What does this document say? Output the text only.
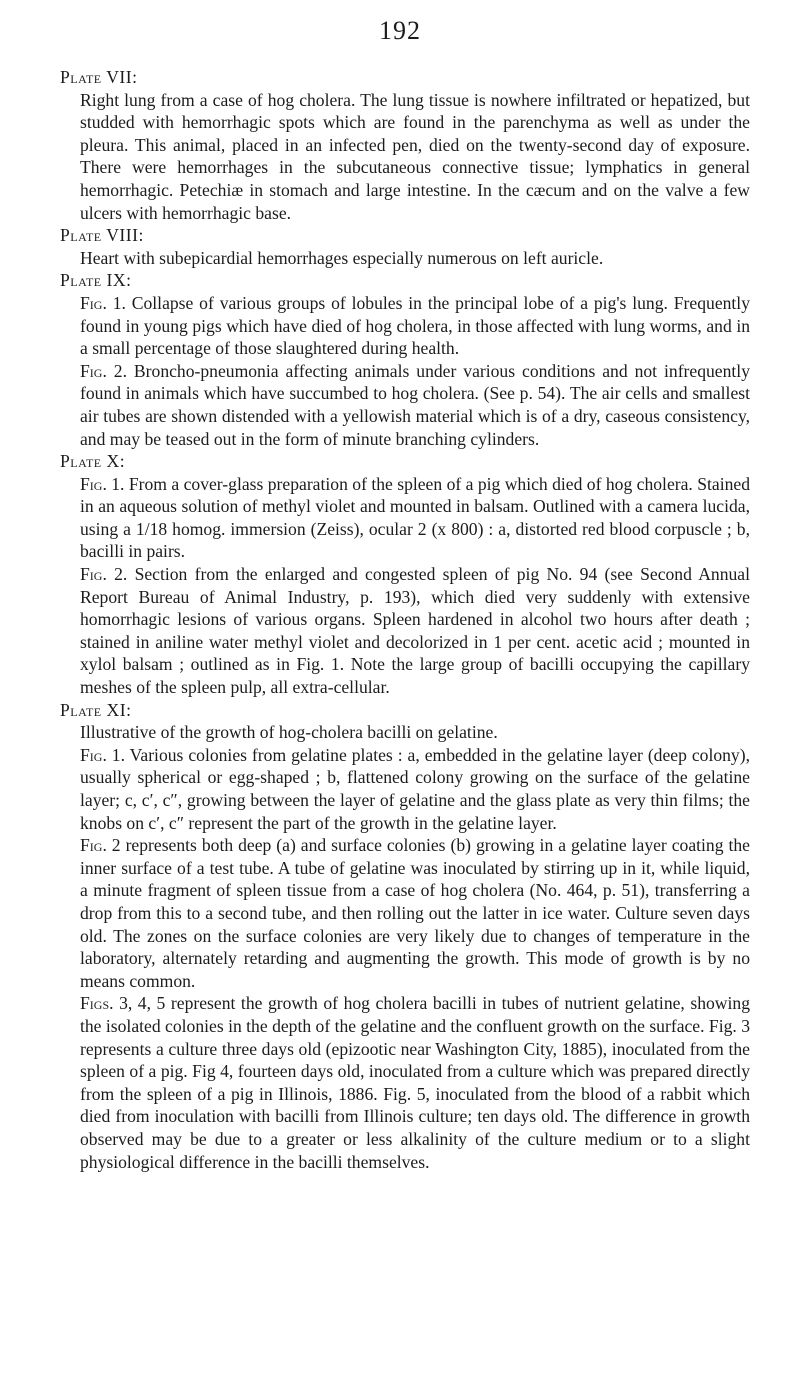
192

Plate VII:

Right lung from a case of hog cholera. The lung tissue is nowhere infiltrated or hepatized, but studded with hemorrhagic spots which are found in the parenchyma as well as under the pleura. This animal, placed in an infected pen, died on the twenty-second day of exposure. There were hemorrhages in the subcutaneous connective tissue; lymphatics in general hemorrhagic. Petechiæ in stomach and large intestine. In the cæcum and on the valve a few ulcers with hemorrhagic base.

Plate VIII:

Heart with subepicardial hemorrhages especially numerous on left auricle.

Plate IX:

Fig. 1. Collapse of various groups of lobules in the principal lobe of a pig's lung. Frequently found in young pigs which have died of hog cholera, in those affected with lung worms, and in a small percentage of those slaughtered during health.

Fig. 2. Broncho-pneumonia affecting animals under various conditions and not infrequently found in animals which have succumbed to hog cholera. (See p. 54). The air cells and smallest air tubes are shown distended with a yellowish material which is of a dry, caseous consistency, and may be teased out in the form of minute branching cylinders.

Plate X:

Fig. 1. From a cover-glass preparation of the spleen of a pig which died of hog cholera. Stained in an aqueous solution of methyl violet and mounted in balsam. Outlined with a camera lucida, using a 1/18 homog. immersion (Zeiss), ocular 2 (x 800) : a, distorted red blood corpuscle ; b, bacilli in pairs.

Fig. 2. Section from the enlarged and congested spleen of pig No. 94 (see Second Annual Report Bureau of Animal Industry, p. 193), which died very suddenly with extensive homorrhagic lesions of various organs. Spleen hardened in alcohol two hours after death ; stained in aniline water methyl violet and decolorized in 1 per cent. acetic acid ; mounted in xylol balsam ; outlined as in Fig. 1. Note the large group of bacilli occupying the capillary meshes of the spleen pulp, all extra-cellular.

Plate XI:

Illustrative of the growth of hog-cholera bacilli on gelatine.

Fig. 1. Various colonies from gelatine plates : a, embedded in the gelatine layer (deep colony), usually spherical or egg-shaped ; b, flattened colony growing on the surface of the gelatine layer; c, c′, c″, growing between the layer of gelatine and the glass plate as very thin films; the knobs on c′, c″ represent the part of the growth in the gelatine layer.

Fig. 2 represents both deep (a) and surface colonies (b) growing in a gelatine layer coating the inner surface of a test tube. A tube of gelatine was inoculated by stirring up in it, while liquid, a minute fragment of spleen tissue from a case of hog cholera (No. 464, p. 51), transferring a drop from this to a second tube, and then rolling out the latter in ice water. Culture seven days old. The zones on the surface colonies are very likely due to changes of temperature in the laboratory, alternately retarding and augmenting the growth. This mode of growth is by no means common.

Figs. 3, 4, 5 represent the growth of hog cholera bacilli in tubes of nutrient gelatine, showing the isolated colonies in the depth of the gelatine and the confluent growth on the surface. Fig. 3 represents a culture three days old (epizootic near Washington City, 1885), inoculated from the spleen of a pig. Fig 4, fourteen days old, inoculated from a culture which was prepared directly from the spleen of a pig in Illinois, 1886. Fig. 5, inoculated from the blood of a rabbit which died from inoculation with bacilli from Illinois culture; ten days old. The difference in growth observed may be due to a greater or less alkalinity of the culture medium or to a slight physiological difference in the bacilli themselves.
